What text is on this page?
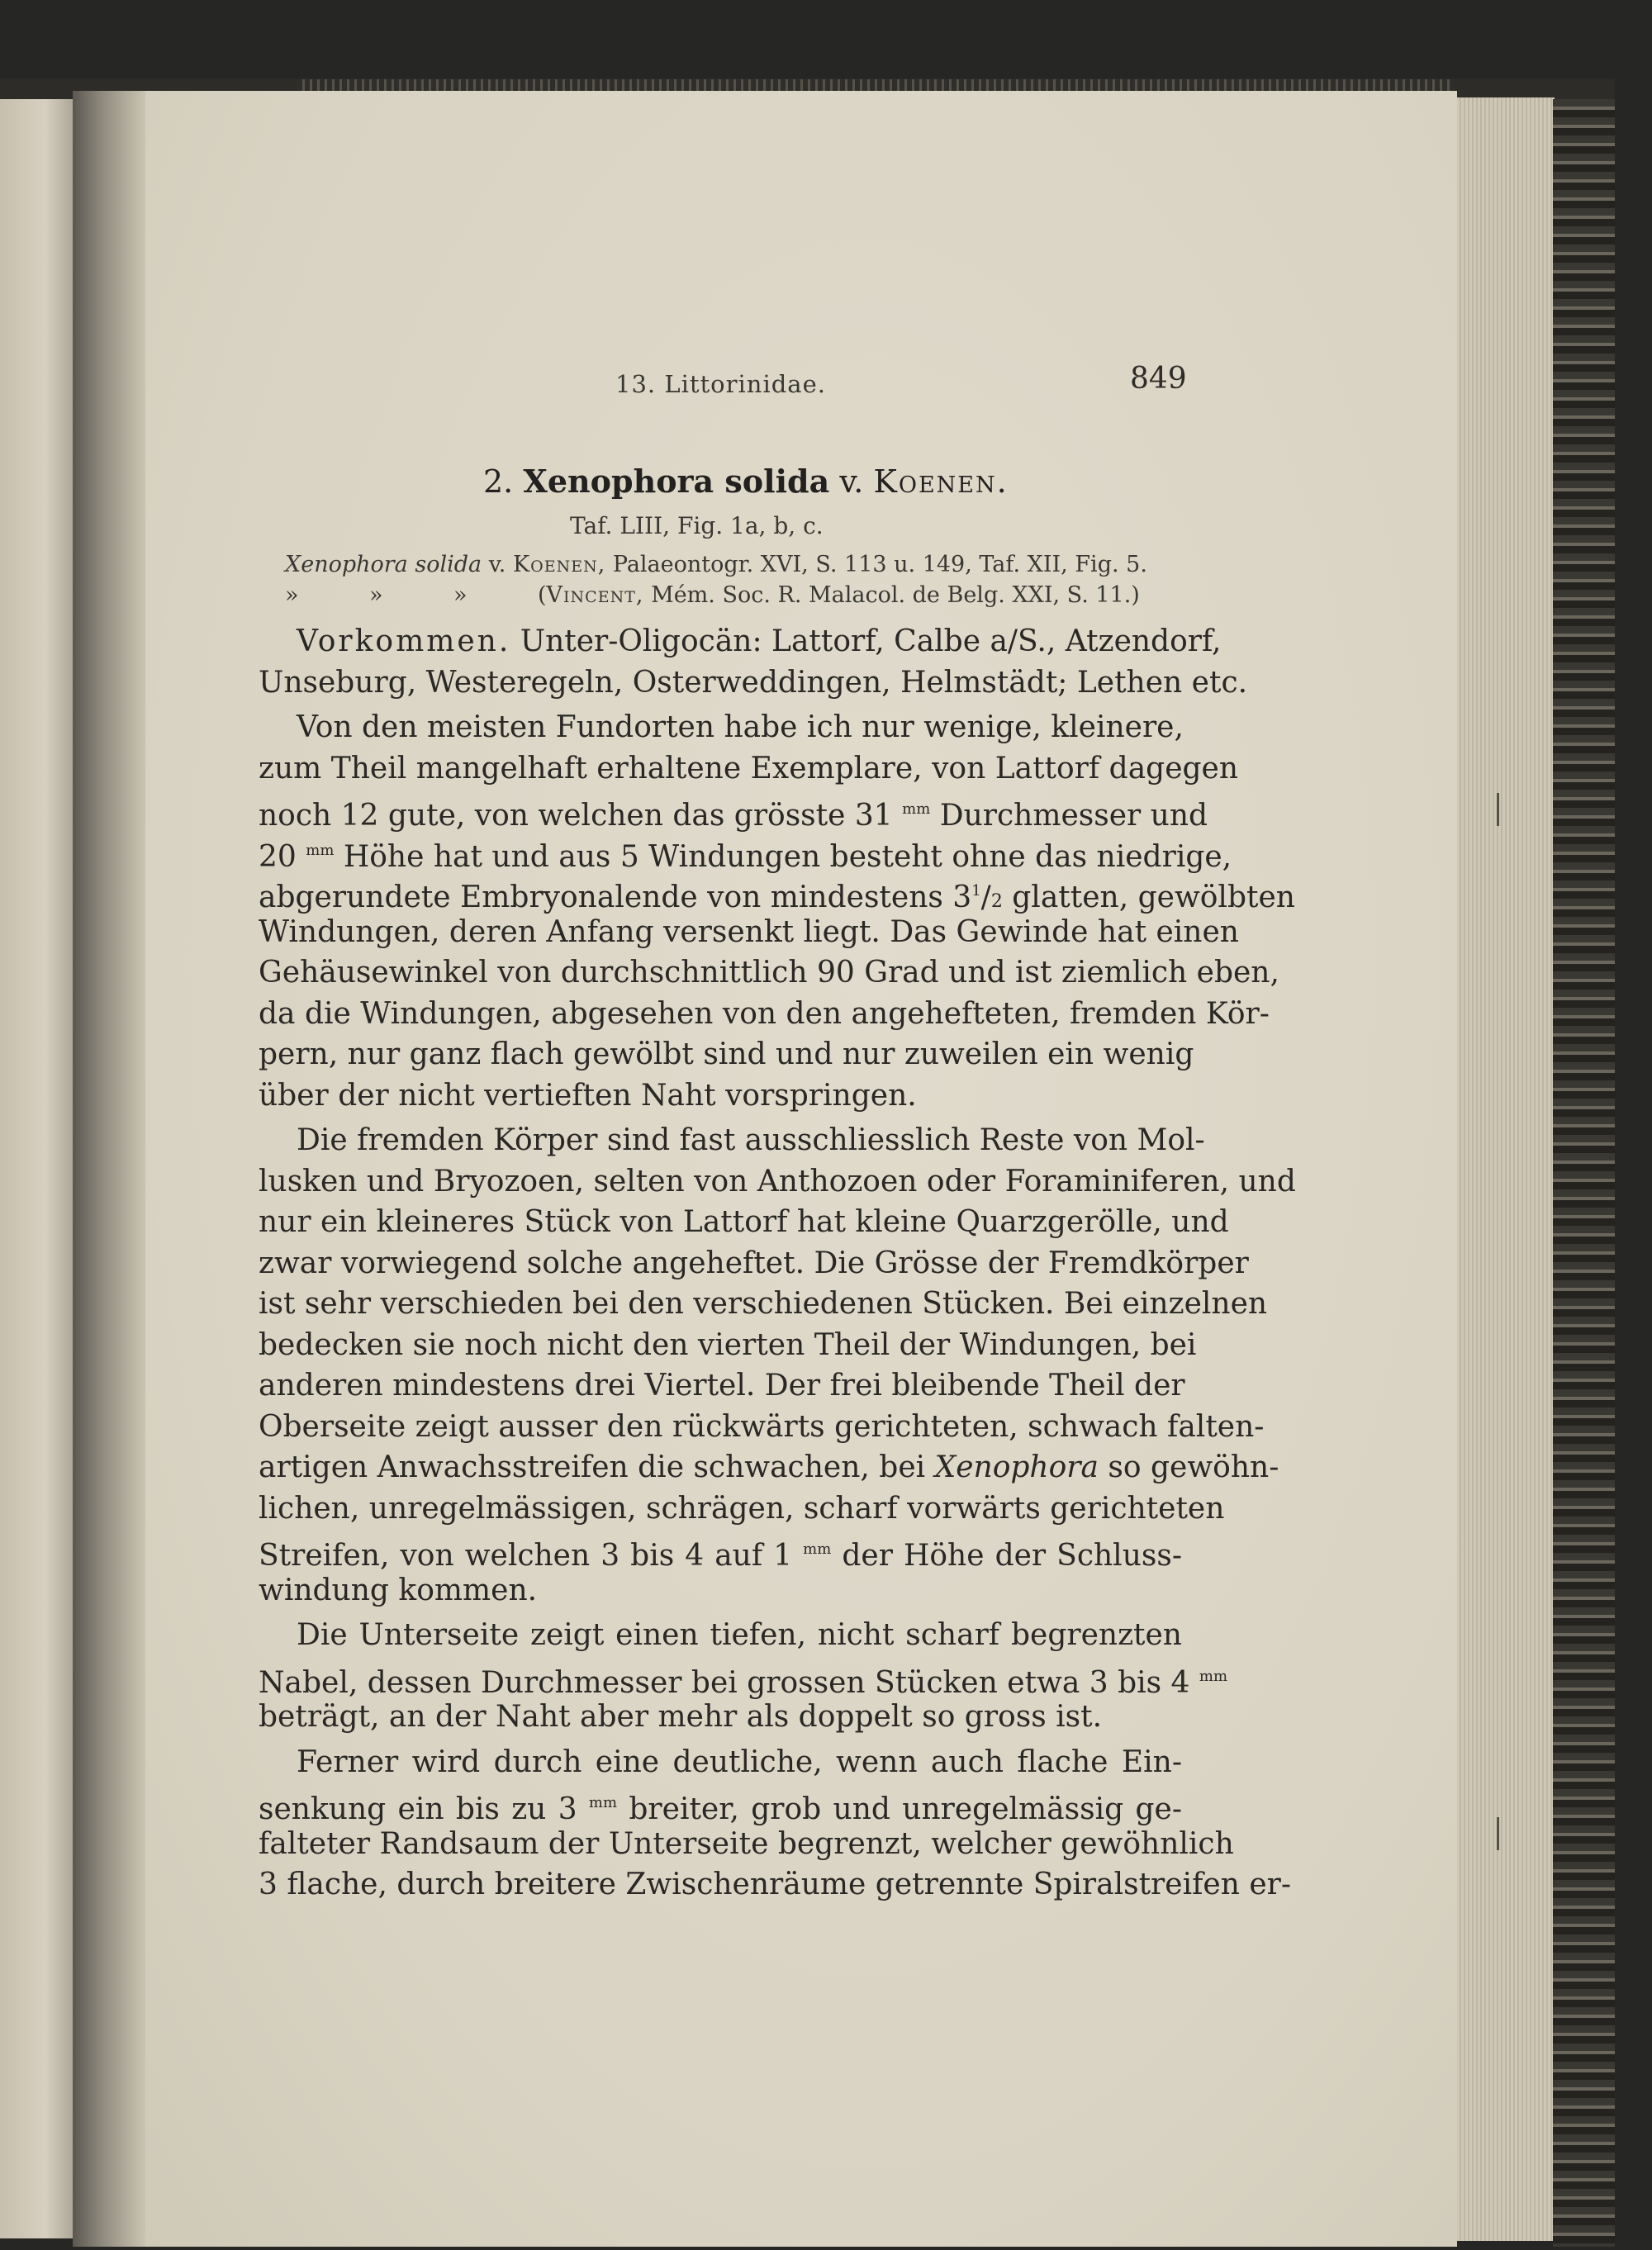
13. Littorinidae.	849
2. Xenophora solida v. Koenen.
Taf. LIII, Fig. 1a, b, c.
Xenophora solida v. Koenen, Palaeontogr. XVI, S. 113 u. 149, Taf. XII, Fig. 5.
»	»	»	(Vincent, Mém. Soc. R. Malacol. de Belg. XXI, S. 11.)
Vorkommen. Unter-Oligocän: Lattorf, Calbe a/S., Atzendorf,
Unseburg, Westeregeln, Osterweddingen, Helmstädt; Lethen etc.
Von den meisten Fundorten habe ich nur wenige, kleinere,
zum Theil mangelhaft erhaltene Exemplare, von Lattorf dagegen
noch 12 gute, von welchen das grösste 31 $^{mm}$ Durchmesser und
20 $^{mm}$ Höhe hat und aus 5 Windungen besteht ohne das niedrige,
abgerundete Embryonalende von mindestens $3^1/2$ glatten, gewölbten
Windungen, deren Anfang versenkt liegt. Das Gewinde hat einen
Gehäusewinkel von durchschnittlich 90 Grad und ist ziemlich eben,
da die Windungen, abgesehen von den angehefteten, fremden Kör-
pern, nur ganz flach gewölbt sind und nur zuweilen ein wenig
über der nicht vertieften Naht vorspringen.
Die fremden Körper sind fast ausschliesslich Reste von Mol-
lusken und Bryozoen, selten von Anthozoen oder Foraminiferen, und
nur ein kleineres Stück von Lattorf hat kleine Quarzgerölle, und
zwar vorwiegend solche angeheftet. Die Grösse der Fremdkörper
ist sehr verschieden bei den verschiedenen Stücken. Bei einzelnen
bedecken sie noch nicht den vierten Theil der Windungen, bei
anderen mindestens drei Viertel. Der frei bleibende Theil der
Oberseite zeigt ausser den rückwärts gerichteten, schwach falten-
artigen Anwachsstreifen die schwachen, bei Xenophora so gewöhn-
lichen, unregelmässigen, schrägen, scharf vorwärts gerichteten
Streifen, von welchen 3 bis 4 auf 1 $^{mm}$ der Höhe der Schluss-
windung kommen.
Die Unterseite zeigt einen tiefen, nicht scharf begrenzten
Nabel, dessen Durchmesser bei grossen Stücken etwa 3 bis 4 $^{mm}$
beträgt, an der Naht aber mehr als doppelt so gross ist.
Ferner wird durch eine deutliche, wenn auch flache Ein-
senkung ein bis zu 3 $^{mm}$ breiter, grob und unregelmässig ge-
falteter Randsaum der Unterseite begrenzt, welcher gewöhnlich
3 flache, durch breitere Zwischenräume getrennte Spiralstreifen er-
